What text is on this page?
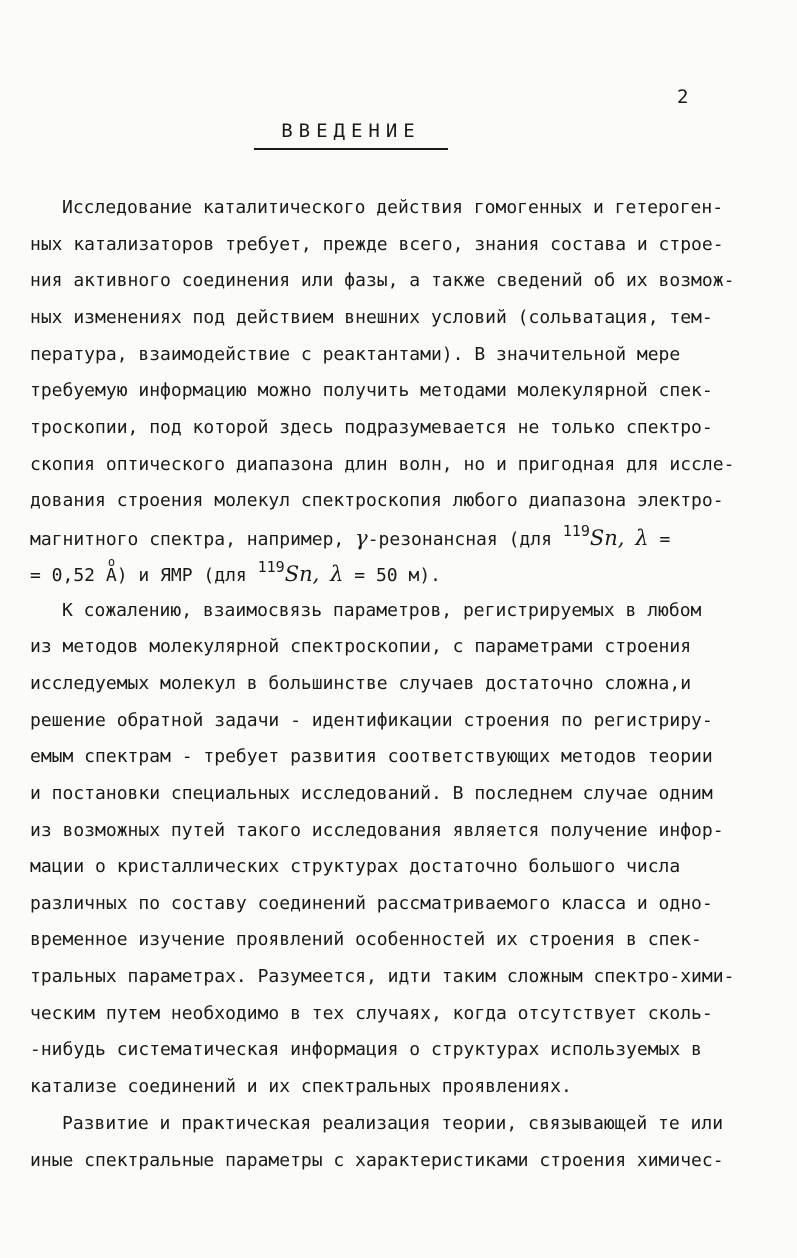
2
ВВЕДЕНИЕ
Исследование каталитического действия гомогенных и гетероген-
ных катализаторов требует, прежде всего, знания состава и строе-
ния активного соединения или фазы, а также сведений об их возмож-
ных изменениях под действием внешних условий (сольватация, тем-
пература, взаимодействие с реактантами). В значительной мере
требуемую информацию можно получить методами молекулярной спек-
троскопии, под которой здесь подразумевается не только спектро-
скопия оптического диапазона длин волн, но и пригодная для иссле-
дования строения молекул спектроскопия любого диапазона электро-
магнитного спектра, например, γ-резонансная (для $^{119}$Sn, λ =
= 0,52 o A) и ЯМР (для $^{119}$Sn, λ = 50 м).
К сожалению, взаимосвязь параметров, регистрируемых в любом
из методов молекулярной спектроскопии, с параметрами строения
исследуемых молекул в большинстве случаев достаточно сложна,и
решение обратной задачи - идентификации строения по регистриру-
емым спектрам - требует развития соответствующих методов теории
и постановки специальных исследований. В последнем случае одним
из возможных путей такого исследования является получение инфор-
мации о кристаллических структурах достаточно большого числа
различных по составу соединений рассматриваемого класса и одно-
временное изучение проявлений особенностей их строения в спек-
тральных параметрах. Разумеется, идти таким сложным спектро-хими-
ческим путем необходимо в тех случаях, когда отсутствует сколь-
-нибудь систематическая информация о структурах используемых в
катализе соединений и их спектральных проявлениях.
Развитие и практическая реализация теории, связывающей те или
иные спектральные параметры с характеристиками строения химичес-
